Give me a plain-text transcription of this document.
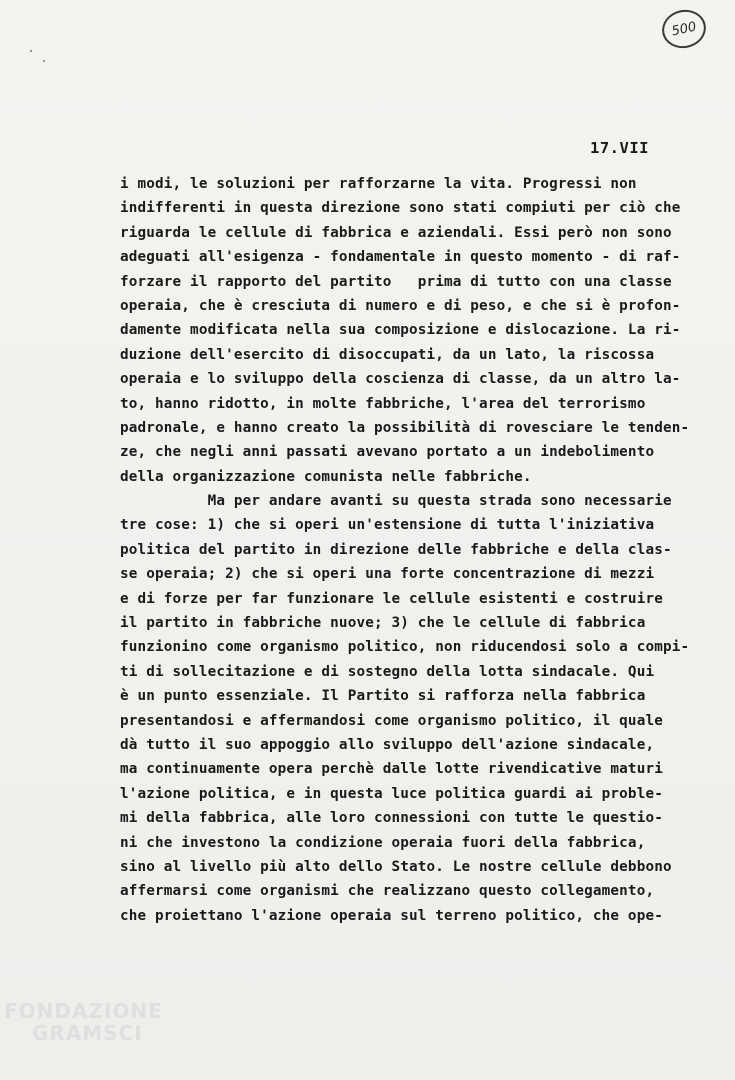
500
17.VII
i modi, le soluzioni per rafforzarne la vita. Progressi non
indifferenti in questa direzione sono stati compiuti per ciò che
riguarda le cellule di fabbrica e aziendali. Essi però non sono
adeguati all'esigenza - fondamentale in questo momento - di raf-
forzare il rapporto del partito   prima di tutto con una classe
operaia, che è cresciuta di numero e di peso, e che si è profon-
damente modificata nella sua composizione e dislocazione. La ri-
duzione dell'esercito di disoccupati, da un lato, la riscossa
operaia e lo sviluppo della coscienza di classe, da un altro la-
to, hanno ridotto, in molte fabbriche, l'area del terrorismo
padronale, e hanno creato la possibilità di rovesciare le tenden-
ze, che negli anni passati avevano portato a un indebolimento
della organizzazione comunista nelle fabbriche.
Ma per andare avanti su questa strada sono necessarie
tre cose: 1) che si operi un'estensione di tutta l'iniziativa
politica del partito in direzione delle fabbriche e della clas-
se operaia; 2) che si operi una forte concentrazione di mezzi
e di forze per far funzionare le cellule esistenti e costruire
il partito in fabbriche nuove; 3) che le cellule di fabbrica
funzionino come organismo politico, non riducendosi solo a compi-
ti di sollecitazione e di sostegno della lotta sindacale. Qui
è un punto essenziale. Il Partito si rafforza nella fabbrica
presentandosi e affermandosi come organismo politico, il quale
dà tutto il suo appoggio allo sviluppo dell'azione sindacale,
ma continuamente opera perchè dalle lotte rivendicative maturi
l'azione politica, e in questa luce politica guardi ai proble-
mi della fabbrica, alle loro connessioni con tutte le questio-
ni che investono la condizione operaia fuori della fabbrica,
sino al livello più alto dello Stato. Le nostre cellule debbono
affermarsi come organismi che realizzano questo collegamento,
che proiettano l'azione operaia sul terreno politico, che ope-
FONDAZIONE
GRAMSCI
